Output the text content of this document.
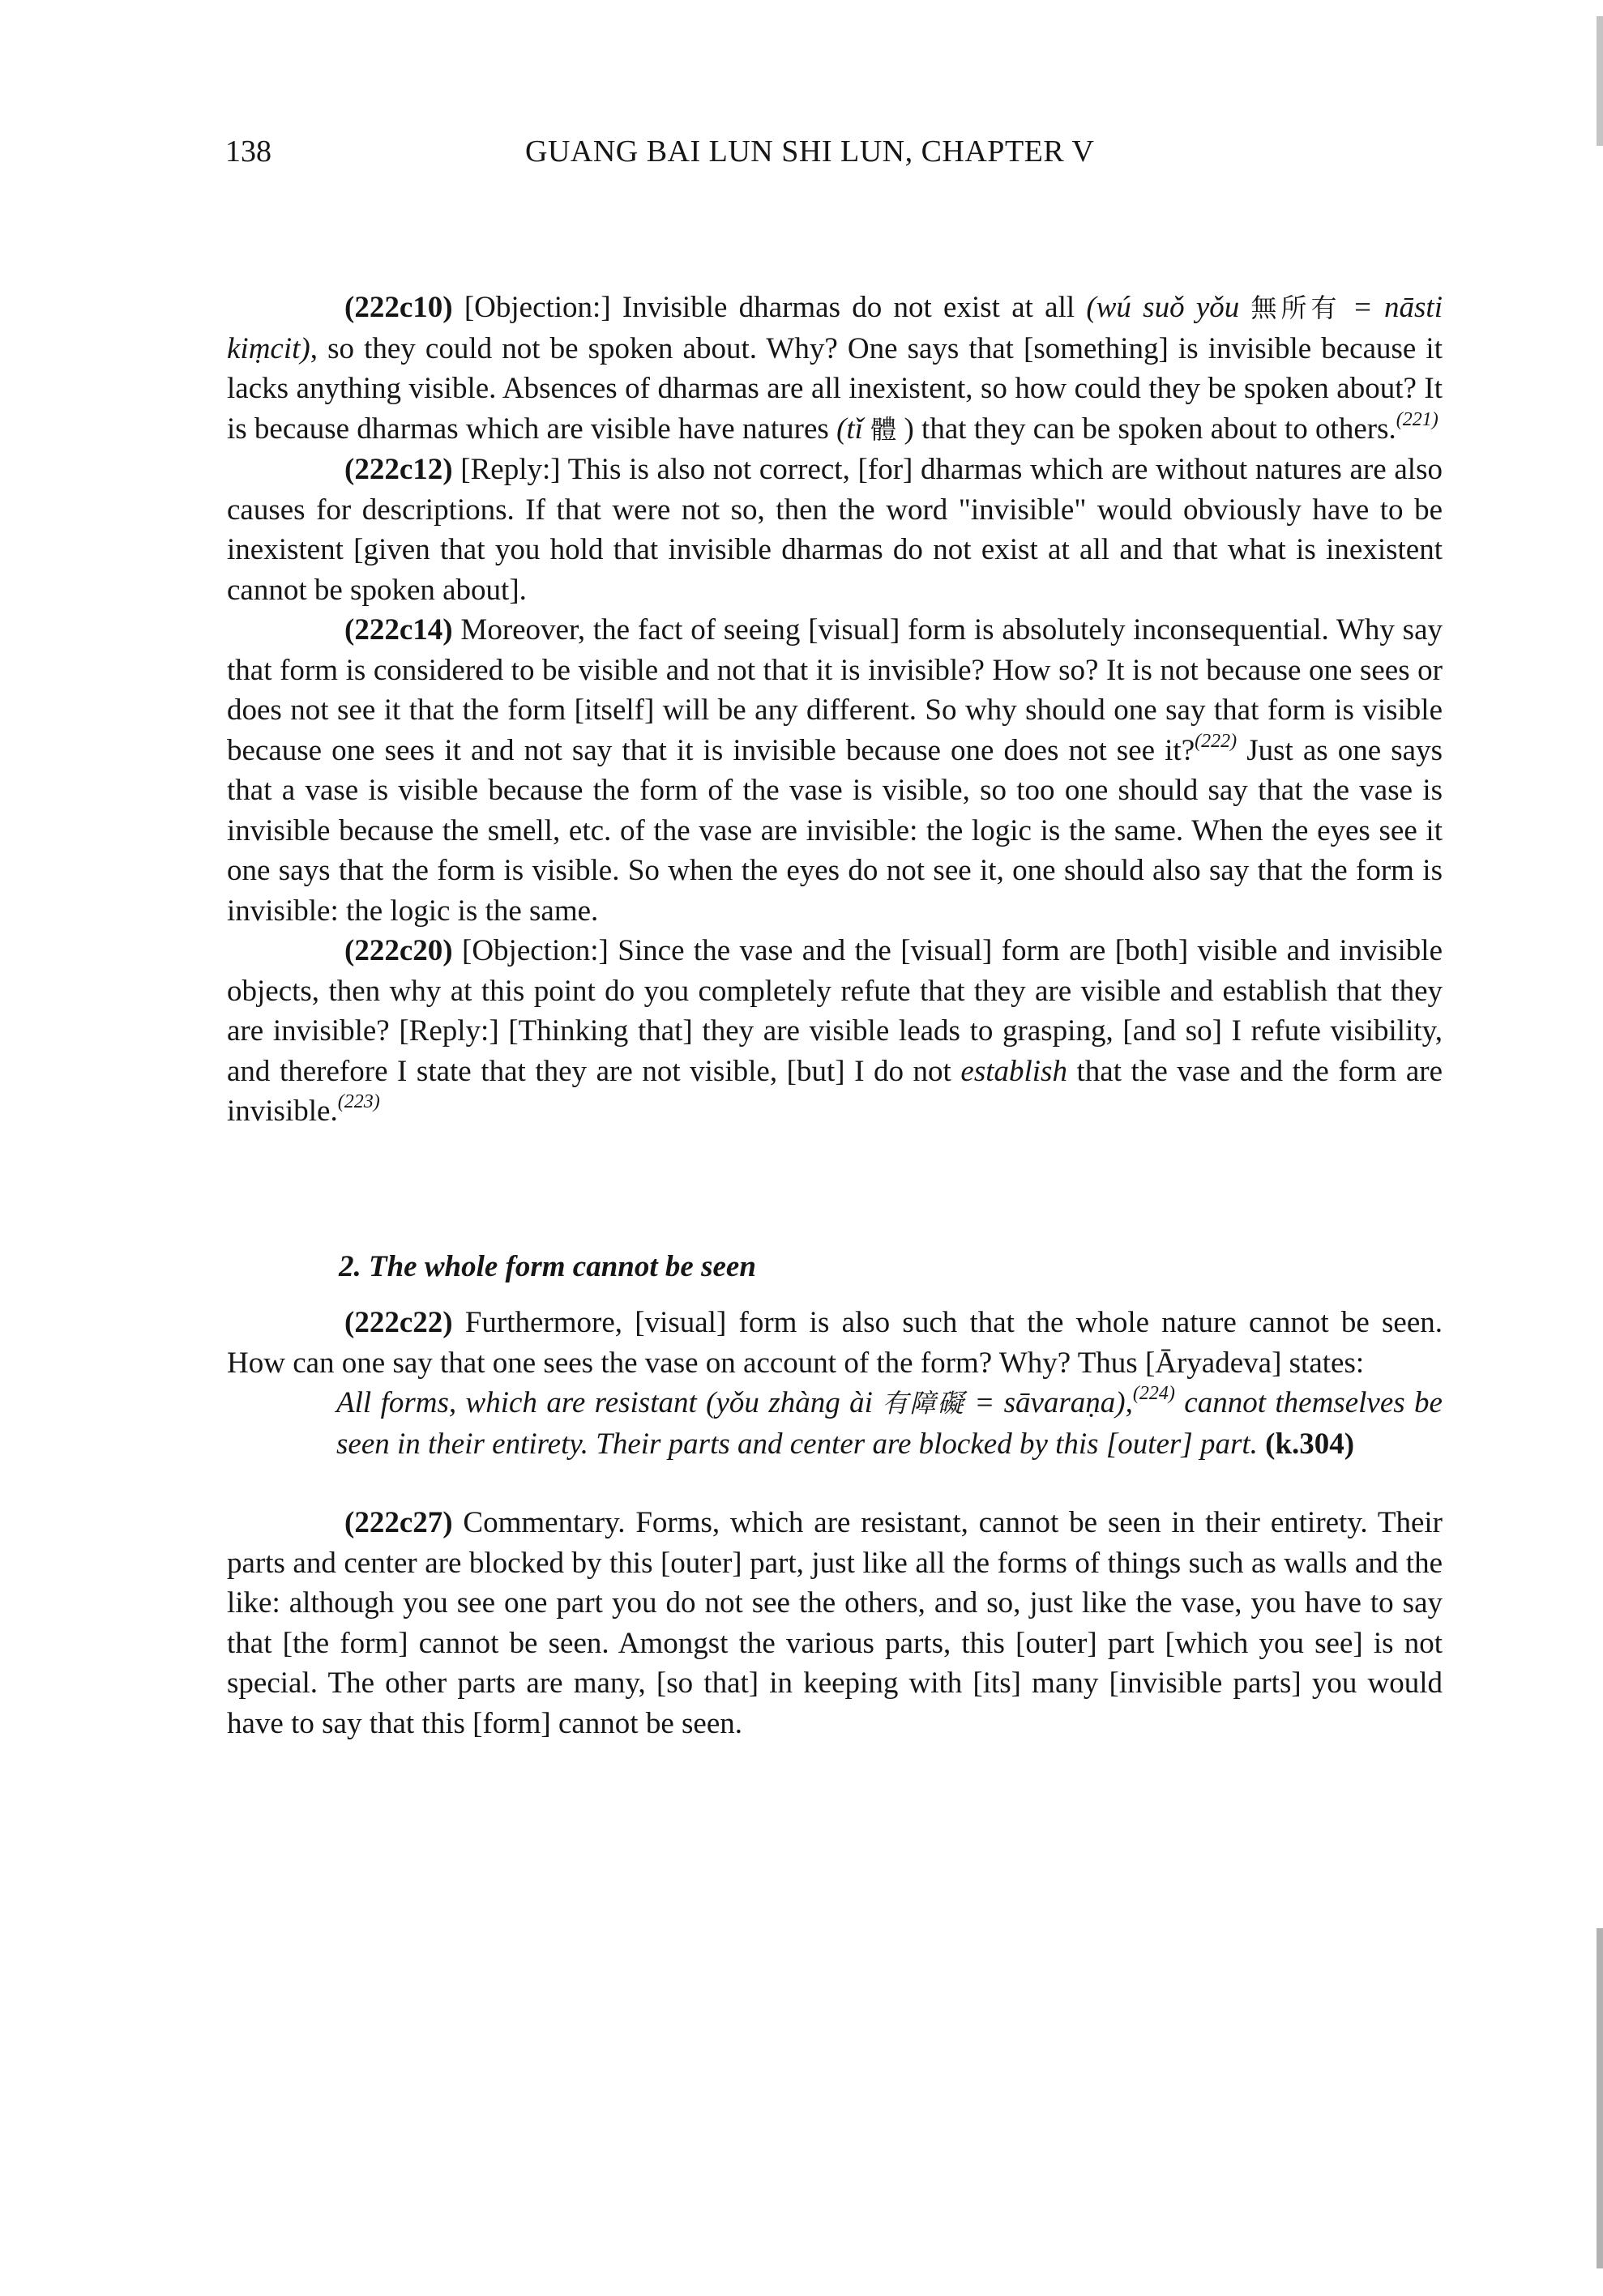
138	GUANG BAI LUN SHI LUN, CHAPTER V

(222c10) [Objection:] Invisible dharmas do not exist at all (wú suǒ yǒu 無所有 = nāsti kiṃcit), so they could not be spoken about. Why? One says that [something] is invisible because it lacks anything visible. Absences of dharmas are all inexistent, so how could they be spoken about? It is because dharmas which are visible have natures (tǐ 體 ) that they can be spoken about to others.$^{(221)}$

(222c12) [Reply:] This is also not correct, [for] dharmas which are without natures are also causes for descriptions. If that were not so, then the word "invisible" would obviously have to be inexistent [given that you hold that invisible dharmas do not exist at all and that what is inexistent cannot be spoken about].

(222c14) Moreover, the fact of seeing [visual] form is absolutely inconsequential. Why say that form is considered to be visible and not that it is invisible? How so? It is not because one sees or does not see it that the form [itself] will be any different. So why should one say that form is visible because one sees it and not say that it is invisible because one does not see it?$^{(222)}$ Just as one says that a vase is visible because the form of the vase is visible, so too one should say that the vase is invisible because the smell, etc. of the vase are invisible: the logic is the same. When the eyes see it one says that the form is visible. So when the eyes do not see it, one should also say that the form is invisible: the logic is the same.

(222c20) [Objection:] Since the vase and the [visual] form are [both] visible and invisible objects, then why at this point do you completely refute that they are visible and establish that they are invisible? [Reply:] [Thinking that] they are visible leads to grasping, [and so] I refute visibility, and therefore I state that they are not visible, [but] I do not establish that the vase and the form are invisible.$^{(223)}$

2. The whole form cannot be seen

(222c22) Furthermore, [visual] form is also such that the whole nature cannot be seen. How can one say that one sees the vase on account of the form? Why? Thus [Āryadeva] states:

All forms, which are resistant (yǒu zhàng ài 有障礙 = sāvaraṇa),$^{(224)}$ cannot themselves be seen in their entirety. Their parts and center are blocked by this [outer] part. (k.304)

(222c27) Commentary. Forms, which are resistant, cannot be seen in their entirety. Their parts and center are blocked by this [outer] part, just like all the forms of things such as walls and the like: although you see one part you do not see the others, and so, just like the vase, you have to say that [the form] cannot be seen. Amongst the various parts, this [outer] part [which you see] is not special. The other parts are many, [so that] in keeping with [its] many [invisible parts] you would have to say that this [form] cannot be seen.
